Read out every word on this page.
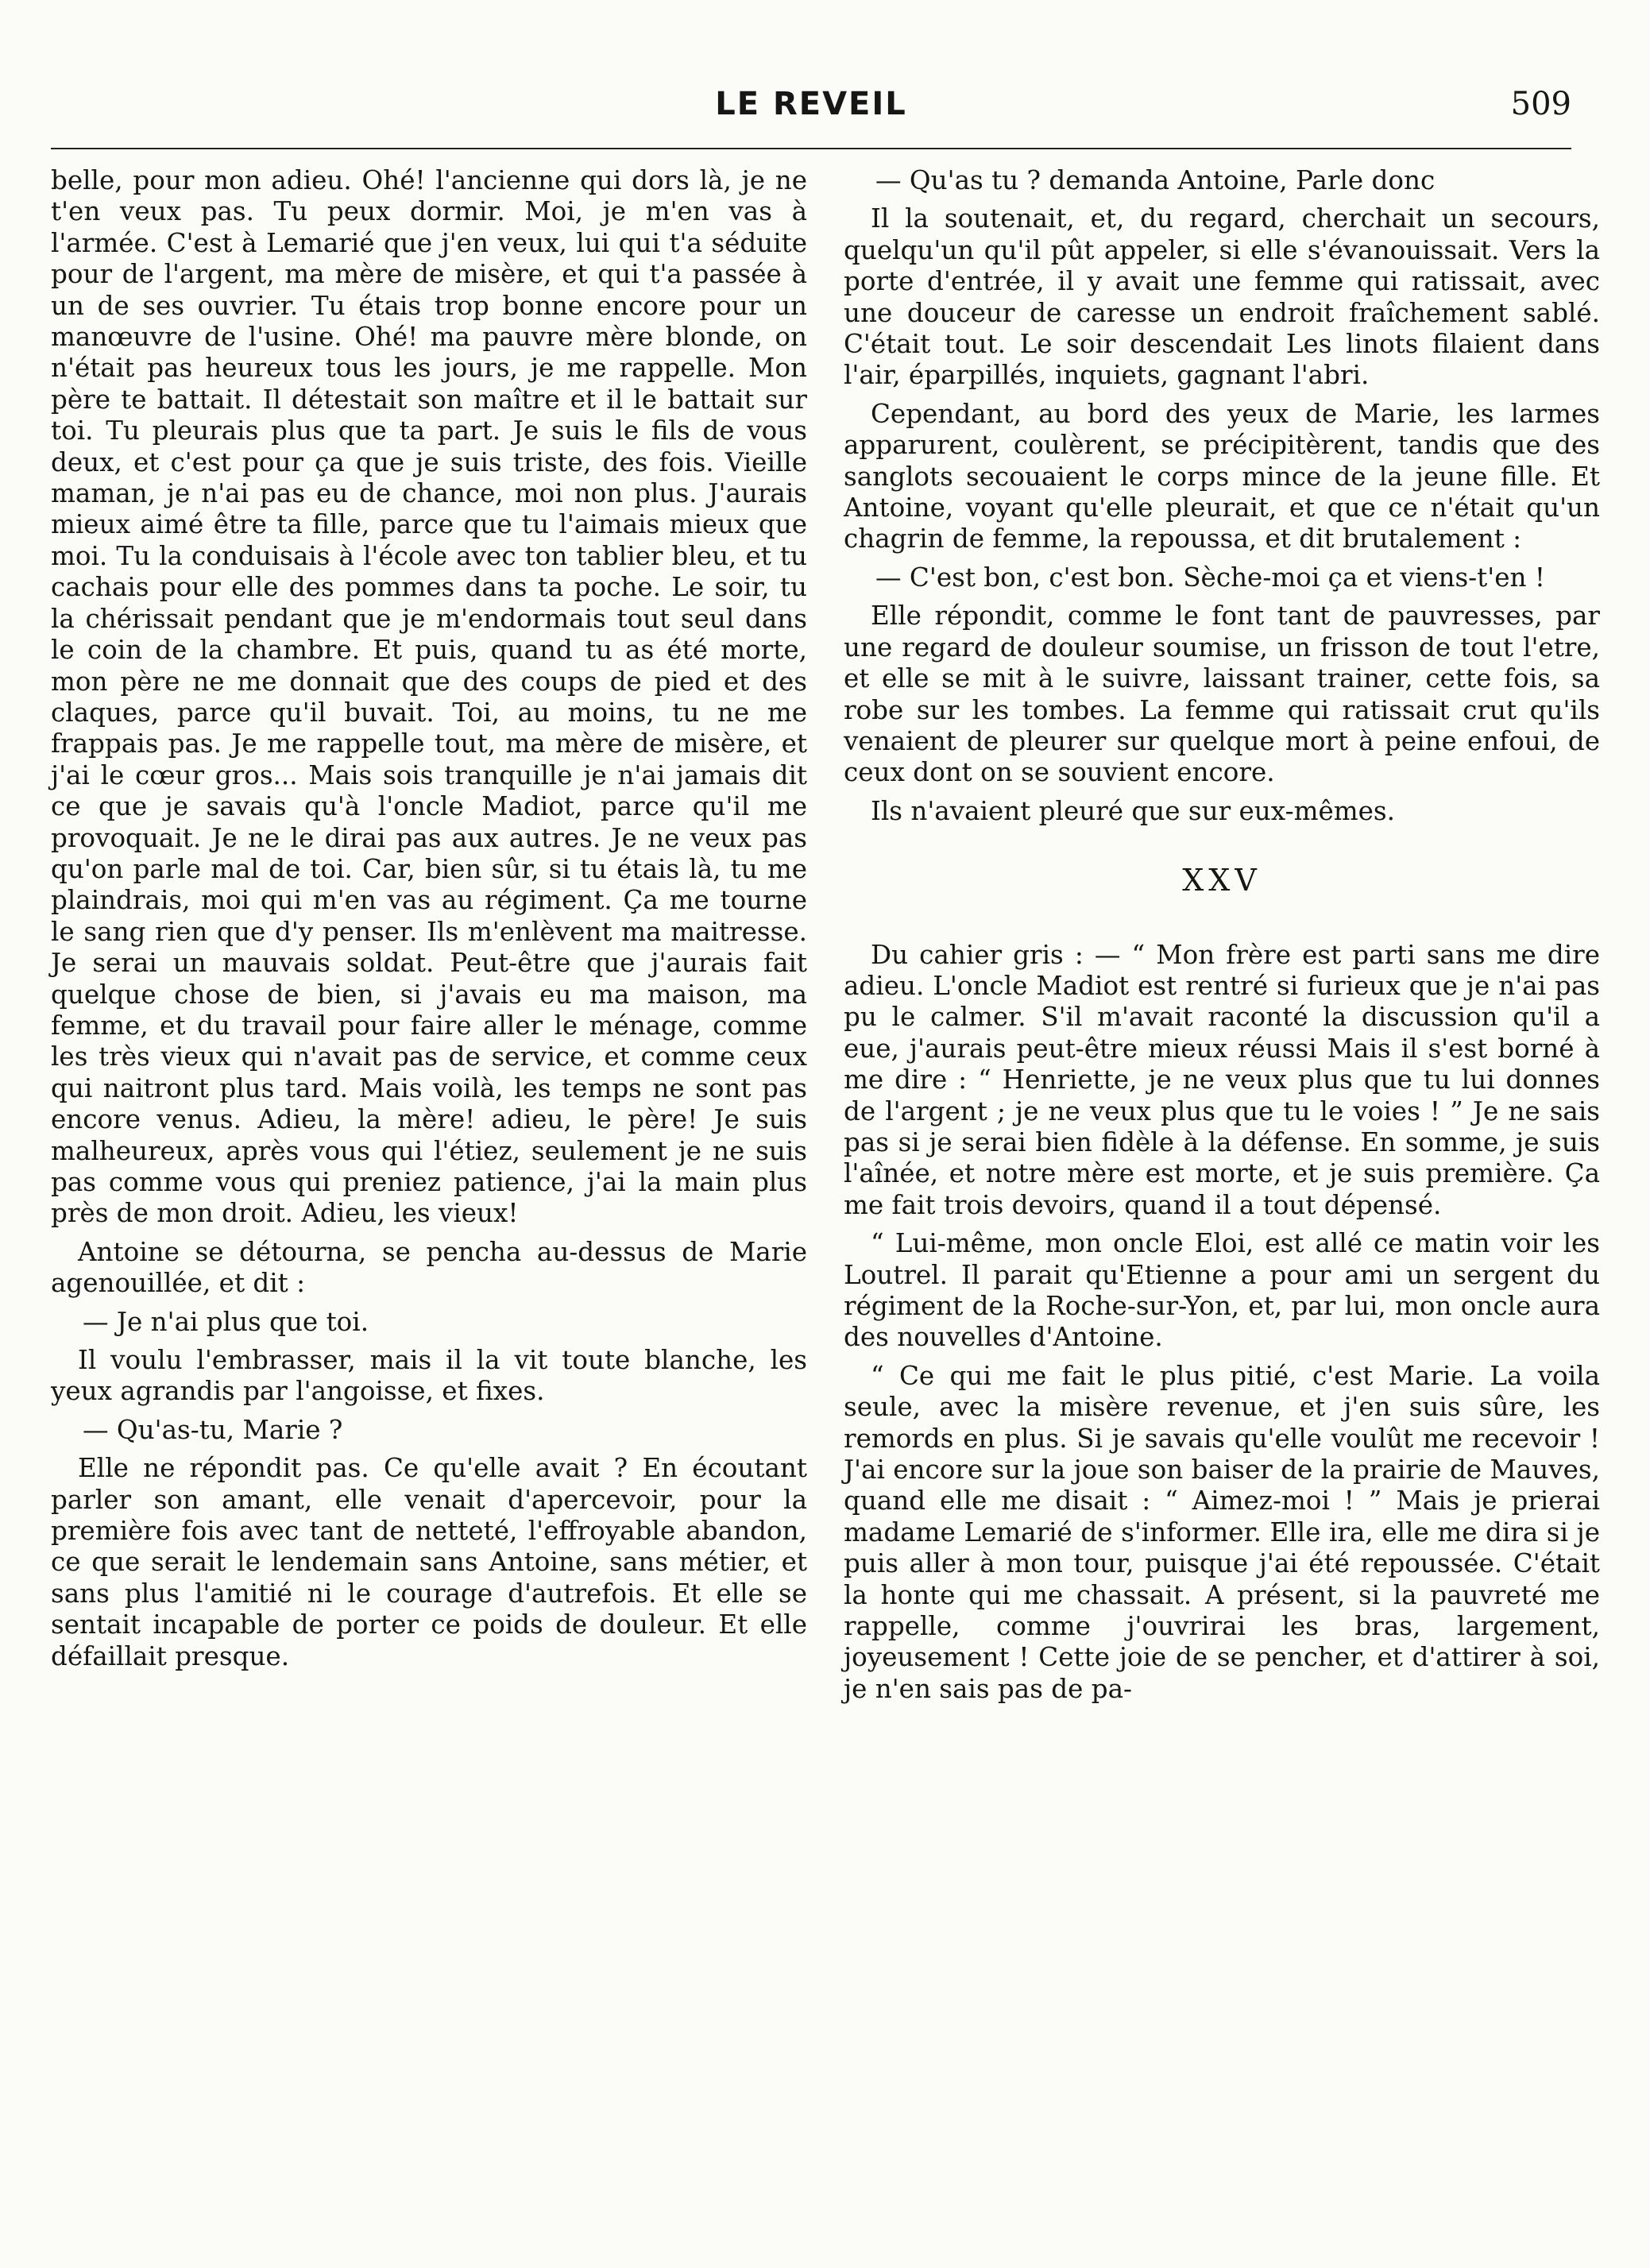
LE REVEIL	509

belle, pour mon adieu. Ohé! l'ancienne qui dors là, je ne t'en veux pas. Tu peux dormir. Moi, je m'en vas à l'armée. C'est à Lemarié que j'en veux, lui qui t'a séduite pour de l'argent, ma mère de misère, et qui t'a passée à un de ses ouvrier. Tu étais trop bonne encore pour un manœuvre de l'usine. Ohé! ma pauvre mère blonde, on n'était pas heureux tous les jours, je me rappelle. Mon père te battait. Il détestait son maître et il le battait sur toi. Tu pleurais plus que ta part. Je suis le fils de vous deux, et c'est pour ça que je suis triste, des fois. Vieille maman, je n'ai pas eu de chance, moi non plus. J'aurais mieux aimé être ta fille, parce que tu l'aimais mieux que moi. Tu la conduisais à l'école avec ton tablier bleu, et tu cachais pour elle des pommes dans ta poche. Le soir, tu la chérissait pendant que je m'endormais tout seul dans le coin de la chambre. Et puis, quand tu as été morte, mon père ne me donnait que des coups de pied et des claques, parce qu'il buvait. Toi, au moins, tu ne me frappais pas. Je me rappelle tout, ma mère de misère, et j'ai le cœur gros... Mais sois tranquille je n'ai jamais dit ce que je savais qu'à l'oncle Madiot, parce qu'il me provoquait. Je ne le dirai pas aux autres. Je ne veux pas qu'on parle mal de toi. Car, bien sûr, si tu étais là, tu me plaindrais, moi qui m'en vas au régiment. Ça me tourne le sang rien que d'y penser. Ils m'enlèvent ma maitresse. Je serai un mauvais soldat. Peut-être que j'aurais fait quelque chose de bien, si j'avais eu ma maison, ma femme, et du travail pour faire aller le ménage, comme les très vieux qui n'avait pas de service, et comme ceux qui naitront plus tard. Mais voilà, les temps ne sont pas encore venus. Adieu, la mère! adieu, le père! Je suis malheureux, après vous qui l'étiez, seulement je ne suis pas comme vous qui preniez patience, j'ai la main plus près de mon droit. Adieu, les vieux!

Antoine se détourna, se pencha au-dessus de Marie agenouillée, et dit :

— Je n'ai plus que toi.

Il voulu l'embrasser, mais il la vit toute blanche, les yeux agrandis par l'angoisse, et fixes.

— Qu'as-tu, Marie ?

Elle ne répondit pas. Ce qu'elle avait ? En écoutant parler son amant, elle venait d'apercevoir, pour la première fois avec tant de netteté, l'effroyable abandon, ce que serait le lendemain sans Antoine, sans métier, et sans plus l'amitié ni le courage d'autrefois. Et elle se sentait incapable de porter ce poids de douleur. Et elle défaillait presque.

— Qu'as tu ? demanda Antoine, Parle donc

Il la soutenait, et, du regard, cherchait un secours, quelqu'un qu'il pût appeler, si elle s'évanouissait. Vers la porte d'entrée, il y avait une femme qui ratissait, avec une douceur de caresse un endroit fraîchement sablé. C'était tout. Le soir descendait Les linots filaient dans l'air, éparpillés, inquiets, gagnant l'abri.

Cependant, au bord des yeux de Marie, les larmes apparurent, coulèrent, se précipitèrent, tandis que des sanglots secouaient le corps mince de la jeune fille. Et Antoine, voyant qu'elle pleurait, et que ce n'était qu'un chagrin de femme, la repoussa, et dit brutalement :

— C'est bon, c'est bon. Sèche-moi ça et viens-t'en !

Elle répondit, comme le font tant de pauvresses, par une regard de douleur soumise, un frisson de tout l'etre, et elle se mit à le suivre, laissant trainer, cette fois, sa robe sur les tombes. La femme qui ratissait crut qu'ils venaient de pleurer sur quelque mort à peine enfoui, de ceux dont on se souvient encore.

Ils n'avaient pleuré que sur eux-mêmes.

XXV

Du cahier gris : — “ Mon frère est parti sans me dire adieu. L'oncle Madiot est rentré si furieux que je n'ai pas pu le calmer. S'il m'avait raconté la discussion qu'il a eue, j'aurais peut-être mieux réussi Mais il s'est borné à me dire : “ Henriette, je ne veux plus que tu lui donnes de l'argent ; je ne veux plus que tu le voies ! ” Je ne sais pas si je serai bien fidèle à la défense. En somme, je suis l'aînée, et notre mère est morte, et je suis première. Ça me fait trois devoirs, quand il a tout dépensé.

“ Lui-même, mon oncle Eloi, est allé ce matin voir les Loutrel. Il parait qu'Etienne a pour ami un sergent du régiment de la Roche-sur-Yon, et, par lui, mon oncle aura des nouvelles d'Antoine.

“ Ce qui me fait le plus pitié, c'est Marie. La voila seule, avec la misère revenue, et j'en suis sûre, les remords en plus. Si je savais qu'elle voulût me recevoir ! J'ai encore sur la joue son baiser de la prairie de Mauves, quand elle me disait : “ Aimez-moi ! ” Mais je prierai madame Lemarié de s'informer. Elle ira, elle me dira si je puis aller à mon tour, puisque j'ai été repoussée. C'était la honte qui me chassait. A présent, si la pauvreté me rappelle, comme j'ouvrirai les bras, largement, joyeusement ! Cette joie de se pencher, et d'attirer à soi, je n'en sais pas de pa-
